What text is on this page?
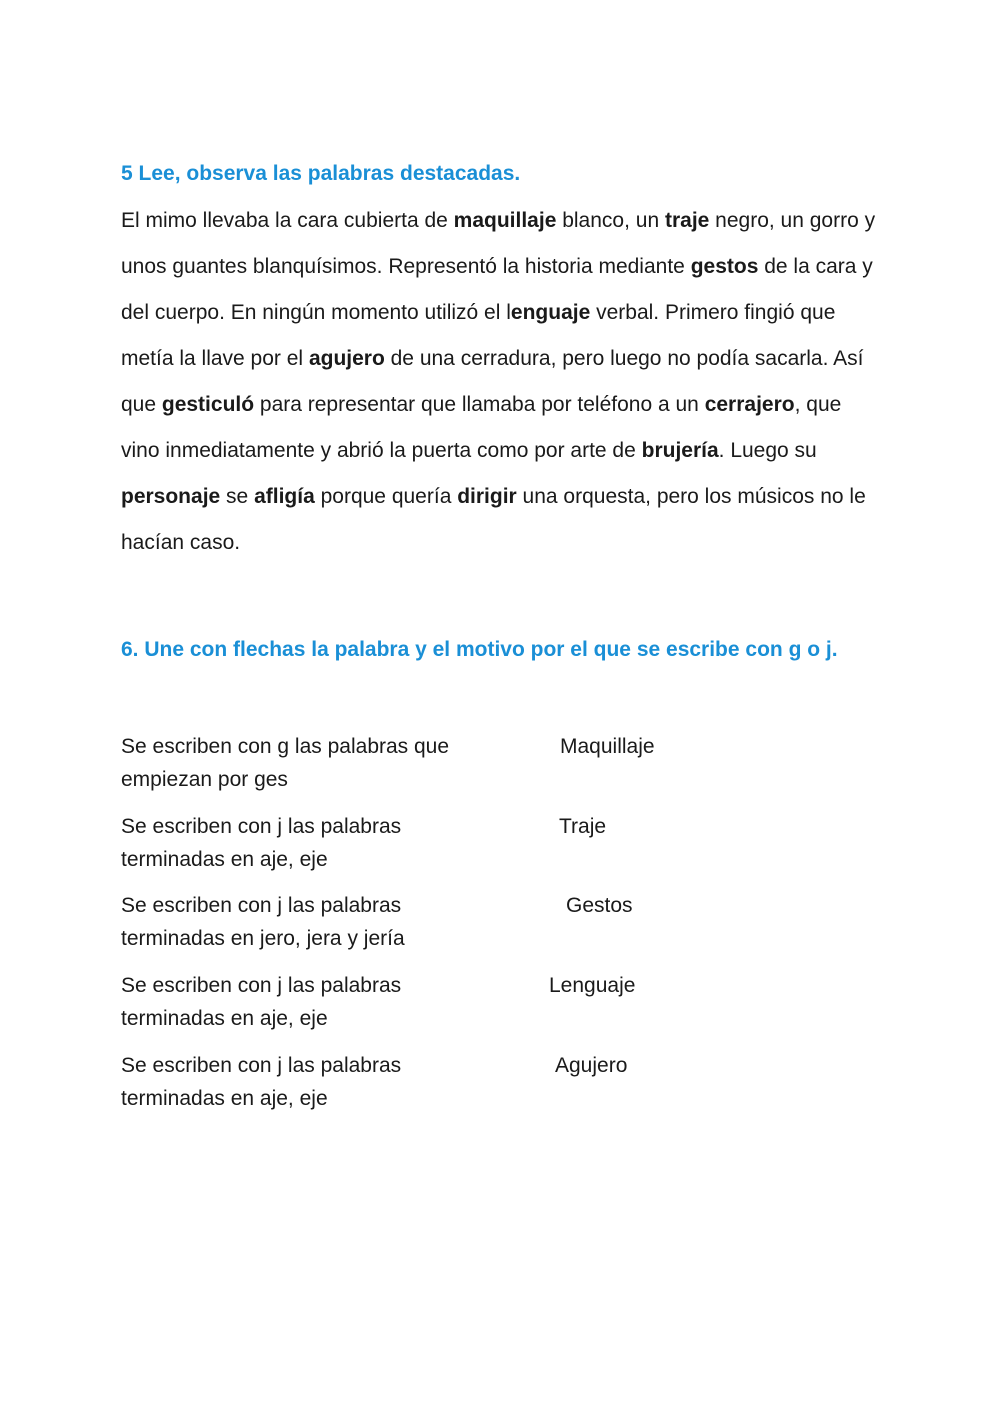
5 Lee, observa las palabras destacadas.

El mimo llevaba la cara cubierta de maquillaje blanco, un traje negro, un gorro y unos guantes blanquísimos. Representó la historia mediante gestos de la cara y del cuerpo. En ningún momento utilizó el lenguaje verbal. Primero fingió que metía la llave por el agujero de una cerradura, pero luego no podía sacarla. Así que gesticuló para representar que llamaba por teléfono a un cerrajero, que vino inmediatamente y abrió la puerta como por arte de brujería. Luego su personaje se afligía porque quería dirigir una orquesta, pero los músicos no le hacían caso.

6. Une con flechas la palabra y el motivo por el que se escribe con g o j.

Se escriben con g las palabras que empiezan por ges

Maquillaje

Se escriben con j las palabras terminadas en aje, eje

Traje

Se escriben con j las palabras terminadas en jero, jera y jería

Gestos

Se escriben con j las palabras terminadas en aje, eje

Lenguaje

Se escriben con j las palabras terminadas en aje, eje

Agujero
